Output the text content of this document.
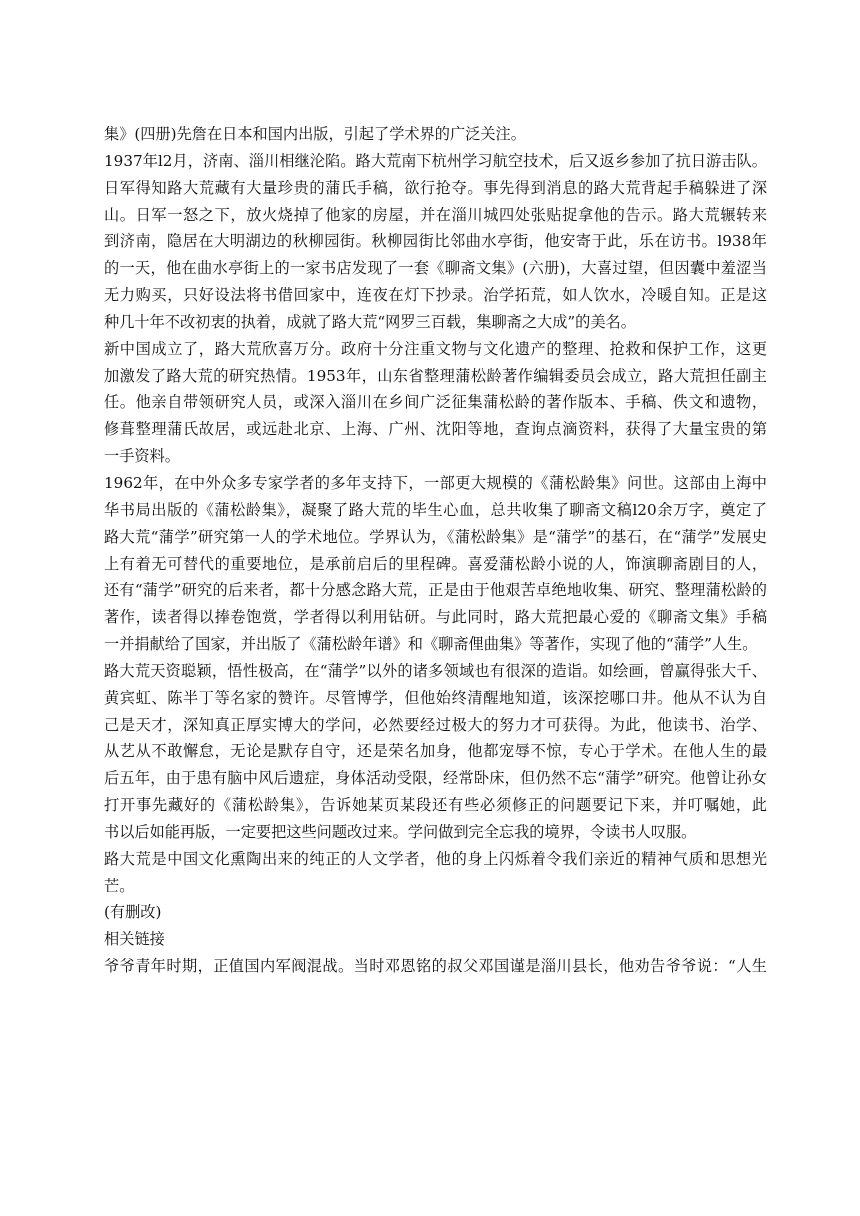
集》(四册)先詹在日本和国内出版，引起了学术界的广泛关注。
1937年l2月，济南、淄川相继沦陷。路大荒南下杭州学习航空技术，后又返乡参加了抗日游击队。
日军得知路大荒藏有大量珍贵的蒲氏手稿，欲行抢夺。事先得到消息的路大荒背起手稿躲进了深
山。日军一怒之下，放火烧掉了他家的房屋，并在淄川城四处张贴捉拿他的告示。路大荒辗转来
到济南，隐居在大明湖边的秋柳园街。秋柳园街比邻曲水亭街，他安寄于此，乐在访书。l938年
的一天，他在曲水亭街上的一家书店发现了一套《聊斋文集》(六册)，大喜过望，但因囊中羞涩当
无力购买，只好设法将书借回家中，连夜在灯下抄录。治学拓荒，如人饮水，冷暖自知。正是这
种几十年不改初衷的执着，成就了路大荒“网罗三百载，集聊斋之大成”的美名。
新中国成立了，路大荒欣喜万分。政府十分注重文物与文化遗产的整理、抢救和保护工作，这更
加激发了路大荒的研究热情。1953年，山东省整理蒲松龄著作编辑委员会成立，路大荒担任副主
任。他亲自带领研究人员，或深入淄川在乡间广泛征集蒲松龄的著作版本、手稿、佚文和遗物，
修葺整理蒲氏故居，或远赴北京、上海、广州、沈阳等地，查询点滴资料，获得了大量宝贵的第
一手资料。
1962年，在中外众多专家学者的多年支持下，一部更大规模的《蒲松龄集》问世。这部由上海中
华书局出版的《蒲松龄集》，凝聚了路大荒的毕生心血，总共收集了聊斋文稿l20余万字，奠定了
路大荒“蒲学”研究第一人的学术地位。学界认为，《蒲松龄集》是“蒲学”的基石，在“蒲学”发展史
上有着无可替代的重要地位，是承前启后的里程碑。喜爱蒲松龄小说的人，饰演聊斋剧目的人，
还有“蒲学”研究的后来者，都十分感念路大荒，正是由于他艰苦卓绝地收集、研究、整理蒲松龄的
著作，读者得以捧卷饱赏，学者得以利用钻研。与此同时，路大荒把最心爱的《聊斋文集》手稿
一并捐献给了国家，并出版了《蒲松龄年谱》和《聊斋俚曲集》等著作，实现了他的“蒲学”人生。
路大荒天资聪颖，悟性极高，在“蒲学”以外的诸多领域也有很深的造诣。如绘画，曾赢得张大千、
黄宾虹、陈半丁等名家的赞许。尽管博学，但他始终清醒地知道，该深挖哪口井。他从不认为自
己是天才，深知真正厚实博大的学问，必然要经过极大的努力才可获得。为此，他读书、治学、
从艺从不敢懈怠，无论是默存自守，还是荣名加身，他都宠辱不惊，专心于学术。在他人生的最
后五年，由于患有脑中风后遗症，身体活动受限，经常卧床，但仍然不忘“蒲学”研究。他曾让孙女
打开事先藏好的《蒲松龄集》，告诉她某页某段还有些必须修正的问题要记下来，并叮嘱她，此
书以后如能再版，一定要把这些问题改过来。学问做到完全忘我的境界，令读书人叹服。
路大荒是中国文化熏陶出来的纯正的人文学者，他的身上闪烁着令我们亲近的精神气质和思想光
芒。
(有删改)
相关链接
爷爷青年时期，正值国内军阀混战。当时邓恩铭的叔父邓国谨是淄川县长，他劝告爷爷说：“人生
